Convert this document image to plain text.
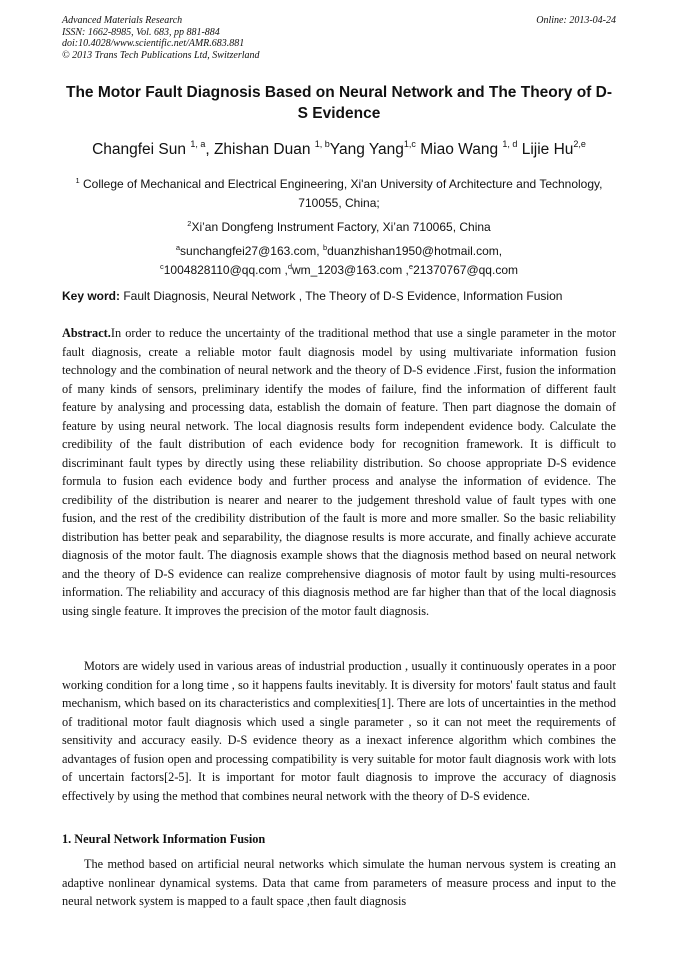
Advanced Materials Research
ISSN: 1662-8985, Vol. 683, pp 881-884
doi:10.4028/www.scientific.net/AMR.683.881
© 2013 Trans Tech Publications Ltd, Switzerland
Online: 2013-04-24
The Motor Fault Diagnosis Based on Neural Network and The Theory of D-S Evidence
Changfei Sun $^{1, a}$, Zhishan Duan $^{1, b}$Yang Yang$^{1,c}$ Miao Wang $^{1, d}$ Lijie Hu$^{2,e}$
$^1$ College of Mechanical and Electrical Engineering, Xi'an University of Architecture and Technology, 710055, China;
$^2$Xi’an Dongfeng Instrument Factory, Xi’an 710065, China
$^a$sunchangfei27@163.com, $^b$duanzhishan1950@hotmail.com,
$^c$1004828110@qq.com ,$^d$wm_1203@163.com ,$^e$21370767@qq.com
Key word: Fault Diagnosis, Neural Network , The Theory of D-S Evidence, Information Fusion

Abstract.In order to reduce the uncertainty of the traditional method that use a single parameter in the motor fault diagnosis, create a reliable motor fault diagnosis model by using multivariate information fusion technology and the combination of neural network and the theory of D-S evidence .First, fusion the information of many kinds of sensors, preliminary identify the modes of failure, find the information of different fault feature by analysing and processing data, establish the domain of feature. Then part diagnose the domain of feature by using neural network. The local diagnosis results form independent evidence body. Calculate the credibility of the fault distribution of each evidence body for recognition framework. It is difficult to discriminant fault types by directly using these reliability distribution. So choose appropriate D-S evidence formula to fusion each evidence body and further process and analyse the information of evidence. The credibility of the distribution is nearer and nearer to the judgement threshold value of fault types with one fusion, and the rest of the credibility distribution of the fault is more and more smaller. So the basic reliability distribution has better peak and separability, the diagnose results is more accurate, and finally achieve accurate diagnosis of the motor fault. The diagnosis example shows that the diagnosis method based on neural network and the theory of D-S evidence can realize comprehensive diagnosis of motor fault by using multi-resources information. The reliability and accuracy of this diagnosis method are far higher than that of the local diagnosis using single feature. It improves the precision of the motor fault diagnosis.

Motors are widely used in various areas of industrial production , usually it continuously operates in a poor working condition for a long time , so it happens faults inevitably. It is diversity for motors' fault status and fault mechanism, which based on its characteristics and complexities[1]. There are lots of uncertainties in the method of traditional motor fault diagnosis which used a single parameter , so it can not meet the requirements of sensitivity and accuracy easily. D-S evidence theory as a inexact inference algorithm which combines the advantages of fusion open and processing compatibility is very suitable for motor fault diagnosis work with lots of uncertain factors[2-5]. It is important for motor fault diagnosis to improve the accuracy of diagnosis effectively by using the method that combines neural network with the theory of D-S evidence.

1. Neural Network Information Fusion

The method based on artificial neural networks which simulate the human nervous system is creating an adaptive nonlinear dynamical systems. Data that came from parameters of measure process and input to the neural network system is mapped to a fault space ,then fault diagnosis
